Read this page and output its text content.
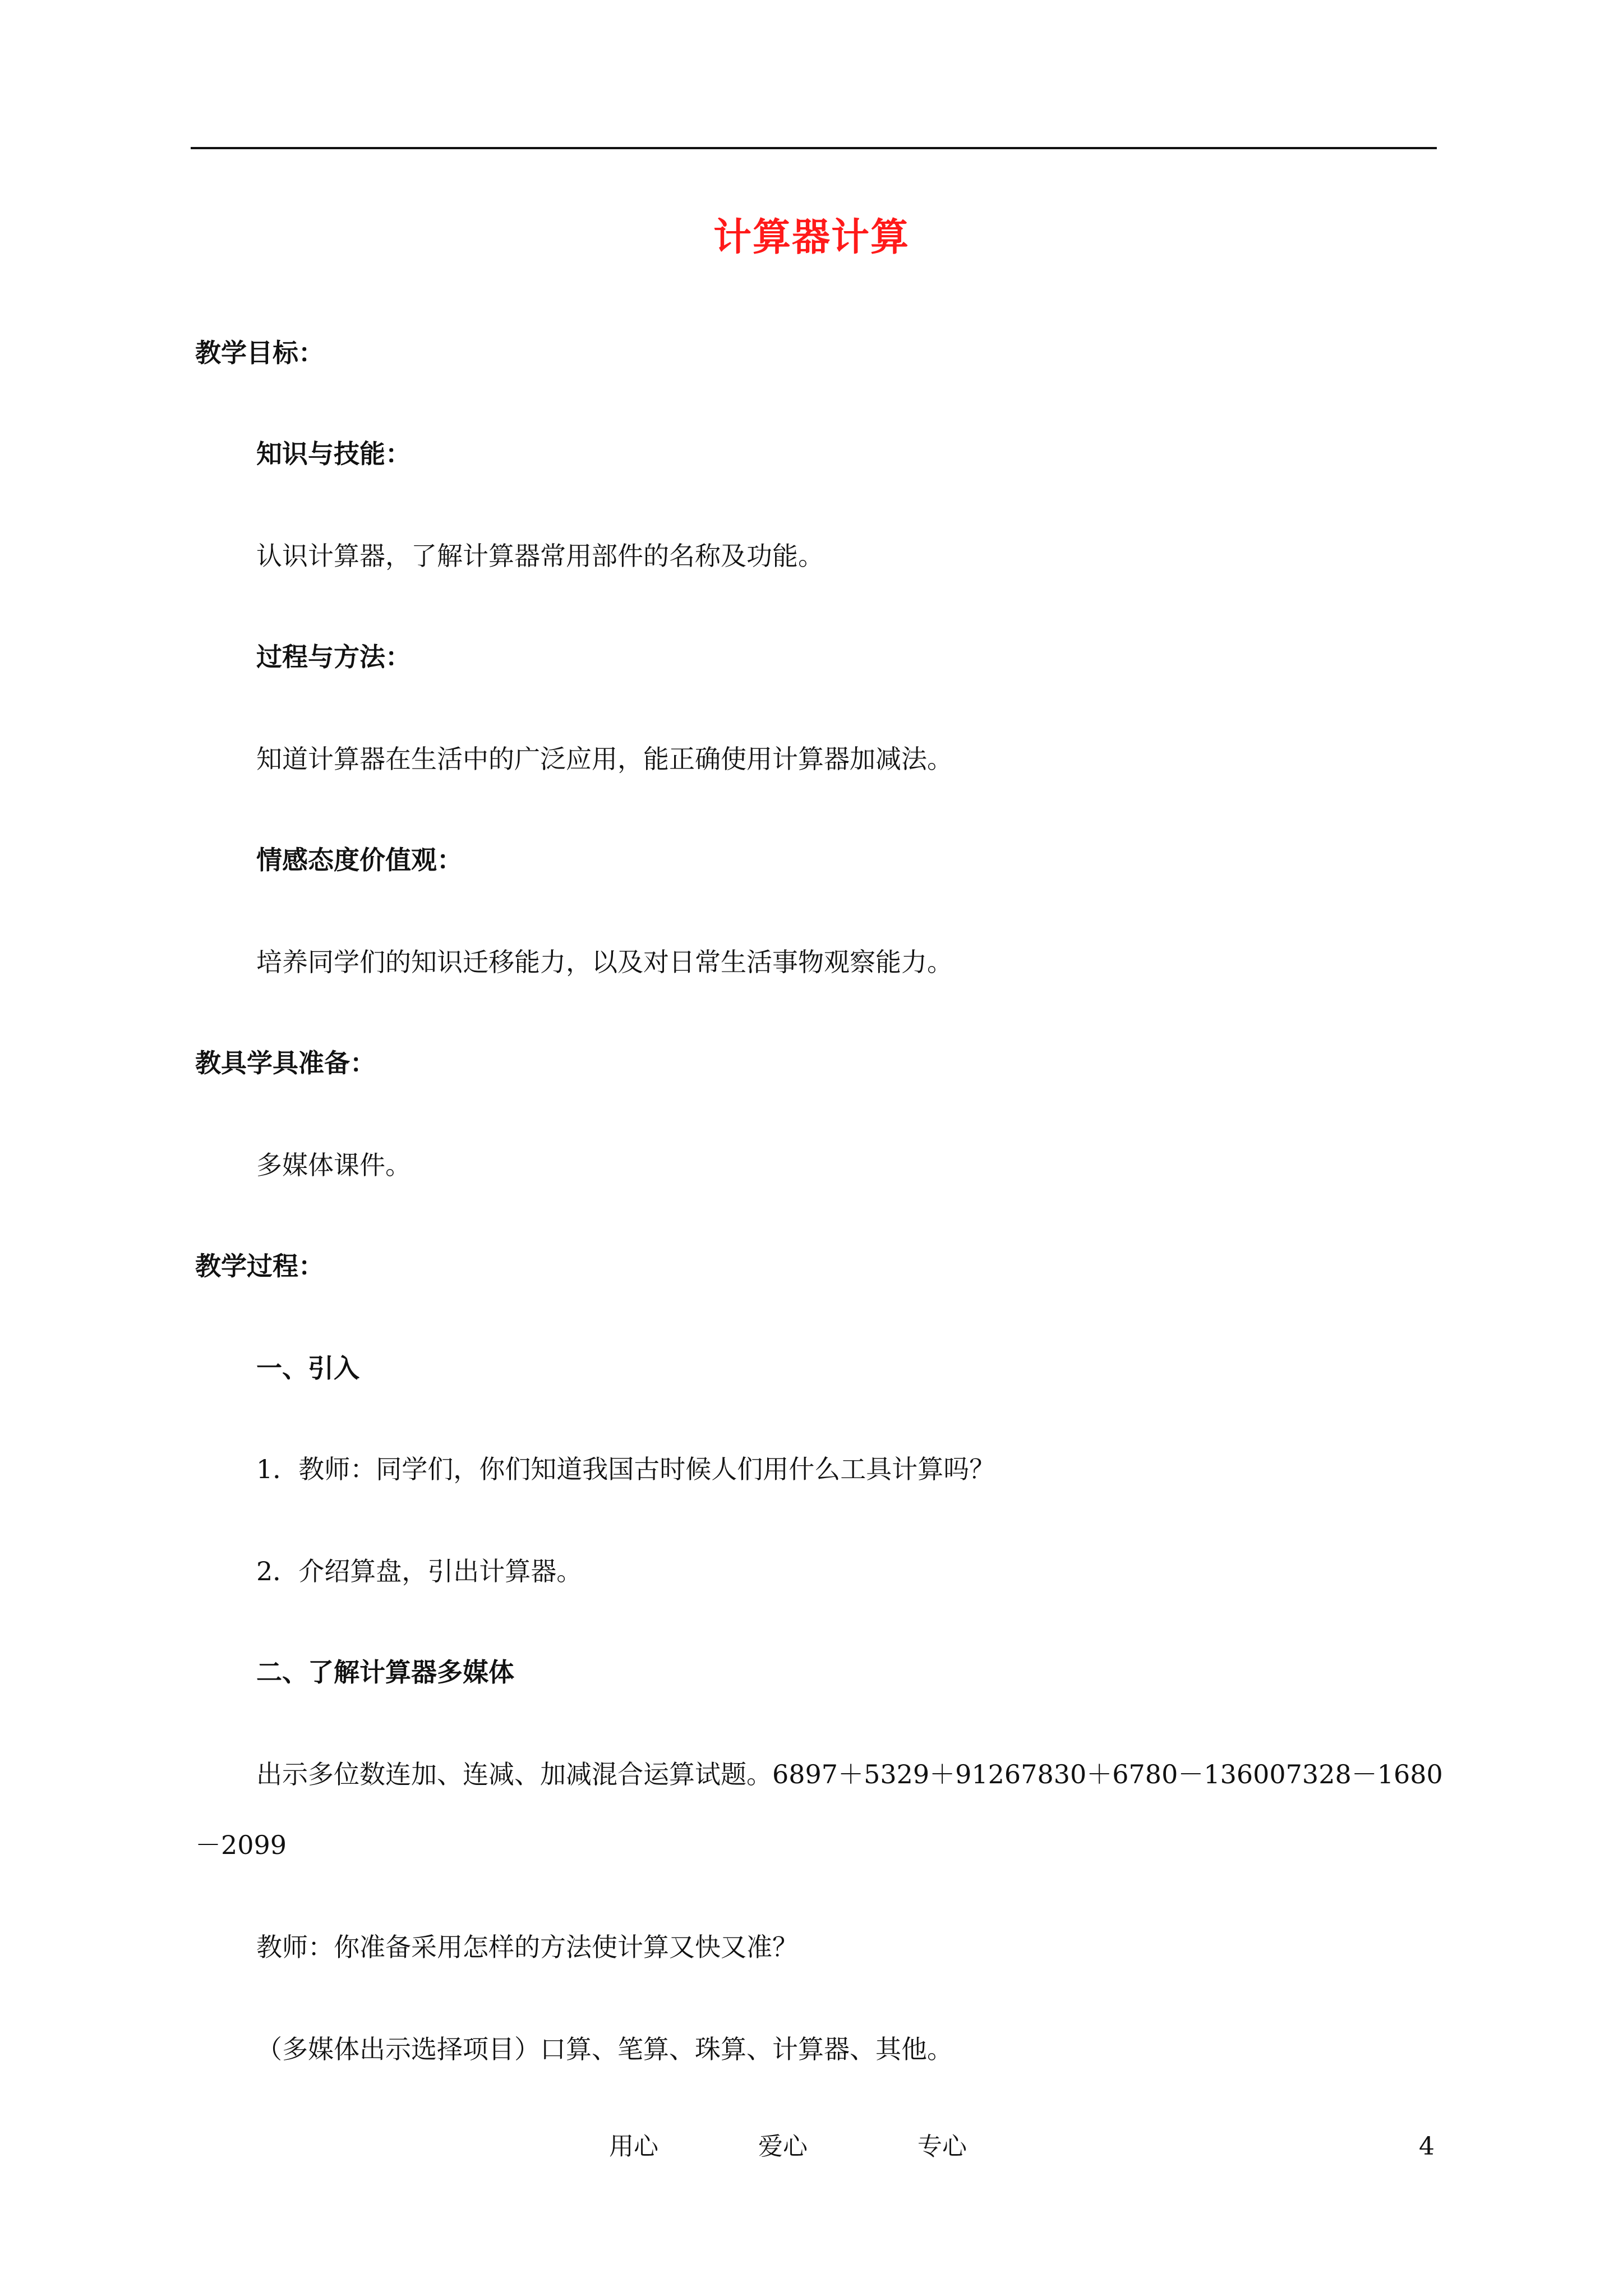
计算器计算
教学目标：
知识与技能：
认识计算器，了解计算器常用部件的名称及功能。
过程与方法：
知道计算器在生活中的广泛应用，能正确使用计算器加减法。
情感态度价值观：
培养同学们的知识迁移能力，以及对日常生活事物观察能力。
教具学具准备：
多媒体课件。
教学过程：
一、引入
1．教师：同学们，你们知道我国古时候人们用什么工具计算吗？
2．介绍算盘，引出计算器。
二、了解计算器多媒体
出示多位数连加、连减、加减混合运算试题。6897＋5329＋91267830＋6780－136007328－1680
－2099
教师：你准备采用怎样的方法使计算又快又准？
（多媒体出示选择项目）口算、笔算、珠算、计算器、其他。
用心	爱心	专心	4
